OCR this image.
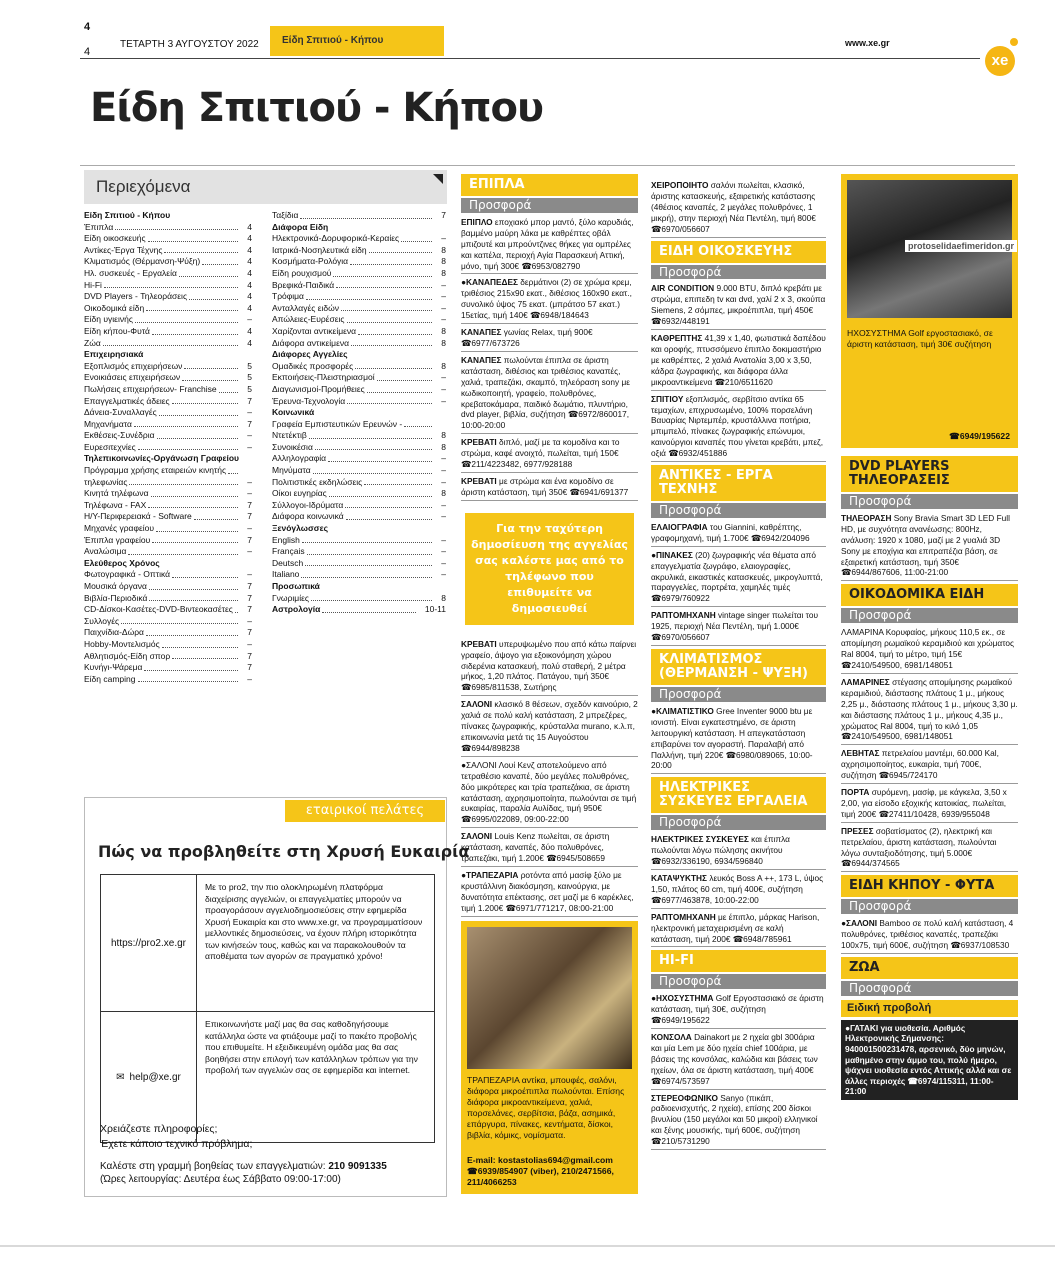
4
4
ΤΕΤΑΡΤΗ 3 ΑΥΓΟΥΣΤΟΥ 2022	Είδη Σπιτιού - Κήπου	www.xe.gr
xe
Είδη Σπιτιού - Κήπου
Περιεχόμενα
Είδη Σπιτιού - Κήπου
Έπιπλα	4
Είδη οικοσκευής	4
Αντίκες-Έργα Τέχνης	4
Κλιματισμός (Θέρμανση-Ψύξη)	4
Ηλ. συσκευές - Εργαλεία	4
Hi-Fi	4
DVD Players - Τηλεοράσεις	4
Οικοδομικά είδη	4
Είδη υγιεινής	–
Είδη κήπου-Φυτά	4
Ζώα	4
Επιχειρησιακά
Εξοπλισμός επιχειρήσεων	5
Ενοικιάσεις επιχειρήσεων	5
Πωλήσεις επιχειρήσεων- Franchise	5
Επαγγελματικές άδειες	7
Δάνεια-Συναλλαγές	–
Μηχανήματα	7
Εκθέσεις-Συνέδρια	–
Ευρεσιτεχνίες	–
Τηλεπικοινωνίες-Οργάνωση Γραφείου
Πρόγραμμα χρήσης εταιρειών κινητής
τηλεφωνίας	–
Κινητά τηλέφωνα	–
Τηλέφωνα - FAX	7
Η/Υ-Περιφερειακά - Software	7
Μηχανές γραφείου	–
Έπιπλα γραφείου	7
Αναλώσιμα	–
Ελεύθερος Χρόνος
Φωτογραφικά - Οπτικά	–
Μουσικά όργανα	7
Βιβλία-Περιοδικά	7
CD-Δίσκοι-Κασέτες-DVD-Βιντεοκασέτες	7
Συλλογές	–
Παιχνίδια-Δώρα	7
Hobby-Μοντελισμός	–
Αθλητισμός-Είδη σπορ	7
Κυνήγι-Ψάρεμα	7
Είδη camping	–
Ταξίδια	7
Διάφορα Είδη
Ηλεκτρονικά-Δορυφορικά-Κεραίες	–
Ιατρικά-Νοσηλευτικά είδη	8
Κοσμήματα-Ρολόγια	8
Είδη ρουχισμού	8
Βρεφικά-Παιδικά	–
Τρόφιμα	–
Ανταλλαγές ειδών	–
Απώλειες-Ευρέσεις	–
Χαρίζονται αντικείμενα	8
Διάφορα αντικείμενα	8
Διάφορες Αγγελίες
Ομαδικές προσφορές	8
Εκποιήσεις-Πλειστηριασμοί	–
Διαγωνισμοί-Προμήθειες	–
Έρευνα-Τεχνολογία	–
Κοινωνικά
Γραφεία Εμπιστευτικών Ερευνών -
Ντετέκτιβ	8
Συνοικέσια	8
Αλληλογραφία	–
Μηνύματα	–
Πολιτιστικές εκδηλώσεις	–
Οίκοι ευγηρίας	8
Σύλλογοι-Ιδρύματα	–
Διάφορα κοινωνικά	–
Ξενόγλωσσες
English	–
Français	–
Deutsch	–
Italiano	–
Προσωπικά
Γνωριμίες	8
Αστρολογία	10-11
εταιρικοί πελάτες
Πώς να προβληθείτε στη Χρυσή Ευκαιρία
https://pro2.xe.gr
Με το pro2, την πιο ολοκληρωμένη πλατφόρμα διαχείρισης αγγελιών, οι επαγγελματίες μπορούν να προαγοράσουν αγγελιοδημοσιεύσεις στην εφημερίδα Χρυσή Ευκαιρία και στο www.xe.gr, να προγραμματίσουν μελλοντικές δημοσιεύσεις, να έχουν πλήρη ιστορικότητα των κινήσεών τους, καθώς και να παρακολουθούν τα αποθέματα των αγορών σε πραγματικό χρόνο!
✉ help@xe.gr
Επικοινωνήστε μαζί μας θα σας καθοδηγήσουμε κατάλληλα ώστε να φτιάξουμε μαζί το πακέτο προβολής που επιθυμείτε. Η εξειδικευμένη ομάδα μας θα σας βοηθήσει στην επιλογή των κατάλληλων τρόπων για την προβολή των αγγελιών σας σε εφημερίδα και internet.
Χρειάζεστε πληροφορίες;
Έχετε κάποιο τεχνικό πρόβλημα;
Καλέστε στη γραμμή βοηθείας των επαγγελματιών: 210 9091335
(Ώρες λειτουργίας: Δευτέρα έως Σάββατο 09:00-17:00)
ΕΠΙΠΛΑ
Προσφορά

ΕΠΙΠΛΟ εποχιακό μπορ μαντό, ξύλο καρυδιάς, βαμμένο μαύρη λάκα με καθρέπτες οβάλ μπιζουτέ και μπρούντζινες θήκες για ομπρέλες και καπέλα, περιοχή Αγία Παρασκευή Αττική, μόνο, τιμή 300€ ☎6953/082790

●ΚΑΝΑΠΕΔΕΣ δερμάτινοι (2) σε χρώμα κρεμ, τριθέσιος 215x90 εκατ., διθέσιος 160x90 εκατ., συνολικό ύψος 75 εκατ. (μπράτσο 57 εκατ.) 15ετίας, τιμή 140€ ☎6948/184643

ΚΑΝΑΠΕΣ γωνίας Relax, τιμή 900€ ☎6977/673726

ΚΑΝΑΠΕΣ πωλούνται έπιπλα σε άριστη κατάσταση, διθέσιος και τριθέσιος καναπές, χαλιά, τραπεζάκι, σκαμπό, τηλεόραση sony με κωδικοποιητή, γραφείο, πολυθρόνες, κρεβατοκάμαρα, παιδικό δωμάτιο, πλυντήριο, dvd player, βιβλία, συζήτηση ☎6972/860017, 10:00-20:00

ΚΡΕΒΑΤΙ διπλό, μαζί με τα κομοδίνα και το στρώμα, καφέ ανοιχτό, πωλείται, τιμή 150€ ☎211/4223482, 6977/928188

ΚΡΕΒΑΤΙ με στρώμα και ένα κομοδίνο σε άριστη κατάσταση, τιμή 350€ ☎6941/691377

Για την ταχύτερη δημοσίευση της αγγελίας σας καλέστε μας από το τηλέφωνο που επιθυμείτε να δημοσιευθεί

ΚΡΕΒΑΤΙ υπερυψωμένο που από κάτω παίρνει γραφείο, άψογο για εξοικονόμηση χώρου σιδερένια κατασκευή, πολύ σταθερή, 2 μέτρα μήκος, 1,20 πλάτος. Πατάγου, τιμή 350€ ☎6985/811538, Σωτήρης

ΣΑΛΟΝΙ κλασικό 8 θέσεων, σχεδόν καινούριο, 2 χαλιά σε πολύ καλή κατάσταση, 2 μπρεζέρες, πίνακες ζωγραφικής, κρύσταλλα murano, κ.λ.π, επικοινωνία μετά τις 15 Αυγούστου ☎6944/898238

●ΣΑΛΟΝΙ Λουί Κενζ αποτελούμενο από τετραθέσιο καναπέ, δύο μεγάλες πολυθρόνες, δύο μικρότερες και τρία τραπεζάκια, σε άριστη κατάσταση, αχρησιμοποίητα, πωλούνται σε τιμή ευκαιρίας, παραλία Αυλίδας, τιμή 950€ ☎6995/022089, 09:00-22:00

ΣΑΛΟΝΙ Louis Kenz πωλείται, σε άριστη κατάσταση, καναπές, δύο πολυθρόνες, τραπεζάκι, τιμή 1.200€ ☎6945/508659

●ΤΡΑΠΕΖΑΡΙΑ ροτόντα από μασίφ ξύλο με κρυστάλλινη διακόσμηση, καινούργια, με δυνατότητα επέκτασης, σετ μαζί με 6 καρέκλες, τιμή 1.200€ ☎6971/771217, 08:00-21:00

ΤΡΑΠΕΖΑΡΙΑ αντίκα, μπουφές, σαλόνι, διάφορα μικροέπιπλα πωλούνται. Επίσης διάφορα μικροαντικείμενα, χαλιά, πορσελάνες, σερβίτσια, βάζα, ασημικά, επάργυρα, πίνακες, κεντήματα, δίσκοι, βιβλία, κόμικς, νομίσματα.
E-mail: kostastolias694@gmail.com ☎6939/854907 (viber), 210/2471566, 211/4066253

ΧΕΙΡΟΠΟΙΗΤΟ σαλόνι πωλείται, κλασικό, άριστης κατασκευής, εξαιρετικής κατάστασης (4θέσιος καναπές, 2 μεγάλες πολυθρόνες, 1 μικρή), στην περιοχή Νέα Πεντέλη, τιμή 800€ ☎6970/056607

ΕΙΔΗ ΟΙΚΟΣΚΕΥΗΣ
Προσφορά

AIR CONDITION 9.000 BTU, διπλό κρεβάτι με στρώμα, επιπεδη tv και dvd, χαλί 2 x 3, σκούπα Siemens, 2 σόμπες, μικροέπιπλα, τιμή 450€ ☎6932/448191

ΚΑΘΡΕΠΤΗΣ 41,39 x 1,40, φωτιστικά δαπέδου και οροφής, πτυσσόμενο έπιπλο δοκιμαστήριο με καθρέπτες, 2 χαλιά Ανατολία 3,00 x 3,50, κάδρα ζωγραφικής, και διάφορα άλλα μικροαντικείμενα ☎210/6511620

ΣΠΙΤΙΟΥ εξοπλισμός, σερβίτσιο αντίκα 65 τεμαχίων, επιχρυσωμένο, 100% πορσελάνη Βαυαρίας Νιρτεμπέρ, κρυστάλλινα ποτήρια, μπιμπελό, πίνακες ζωγραφικής επώνυμοι, καινούργιοι καναπές που γίνεται κρεβάτι, μπεζ, οξιά ☎6932/451886

ΑΝΤΙΚΕΣ - ΕΡΓΑ ΤΕΧΝΗΣ
Προσφορά

ΕΛΑΙΟΓΡΑΦΙΑ του Giannini, καθρέπτης, γραφομηχανή, τιμή 1.700€ ☎6942/204096

●ΠΙΝΑΚΕΣ (20) ζωγραφικής νέα θέματα από επαγγελματία ζωγράφο, ελαιογραφίες, ακρυλικά, εικαστικές κατασκευές, μικρογλυπτά, παραγγελίες, πορτρέτα, χαμηλές τιμές ☎6979/760922

ΡΑΠΤΟΜΗΧΑΝΗ vintage singer πωλείται του 1925, περιοχή Νέα Πεντέλη, τιμή 1.000€ ☎6970/056607

ΚΛΙΜΑΤΙΣΜΟΣ (ΘΕΡΜΑΝΣΗ - ΨΥΞΗ)
Προσφορά

●ΚΛΙΜΑΤΙΣΤΙΚΟ Gree Inventer 9000 btu με ιονιστή. Είναι εγκατεστημένο, σε άριστη λειτουργική κατάσταση. Η απεγκατάσταση επιβαρύνει τον αγοραστή. Παραλαβή από Παλλήνη, τιμή 220€ ☎6980/089065, 10:00-20:00

ΗΛΕΚΤΡΙΚΕΣ ΣΥΣΚΕΥΕΣ ΕΡΓΑΛΕΙΑ
Προσφορά

ΗΛΕΚΤΡΙΚΕΣ ΣΥΣΚΕΥΕΣ και έπιπλα πωλούνται λόγω πώλησης ακινήτου ☎6932/336190, 6934/596840

ΚΑΤΑΨΥΚΤΗΣ λευκός Boss A ++, 173 L, ύψος 1,50, πλάτος 60 cm, τιμή 400€, συζήτηση ☎6977/463878, 10:00-22:00

ΡΑΠΤΟΜΗΧΑΝΗ με έπιπλο, μάρκας Harison, ηλεκτρονική μεταχειρισμένη σε καλή κατάσταση, τιμή 200€ ☎6948/785961

HI-FI
Προσφορά

●ΗΧΟΣΥΣΤΗΜΑ Golf Εργοστασιακό σε άριστη κατάσταση, τιμή 30€, συζήτηση ☎6949/195622

ΚΟΝΣΟΛΑ Dainakort με 2 ηχεία gbl 300άρια και μία Lem με δύο ηχεία chief 100άρια, με βάσεις της κονσόλας, καλώδια και βάσεις των ηχείων, όλα σε άριστη κατάσταση, τιμή 400€ ☎6974/573597

ΣΤΕΡΕΟΦΩΝΙΚΟ Sanyo (πικάπ, ραδιοενισχυτής, 2 ηχεία), επίσης 200 δίσκοι βινυλίου (150 μεγάλοι και 50 μικροί) ελληνικοί και ξένης μουσικής, τιμή 600€, συζήτηση ☎210/5731290

ΗΧΟΣΥΣΤΗΜΑ Golf εργοστασιακό, σε άριστη κατάσταση, τιμή 30€ συζήτηση
☎6949/195622
DVD PLAYERS ΤΗΛΕΟΡΑΣΕΙΣ
Προσφορά

ΤΗΛΕΟΡΑΣΗ Sony Bravia Smart 3D LED Full HD, με συχνότητα ανανέωσης: 800Hz, ανάλυση: 1920 x 1080, μαζί με 2 γυαλιά 3D Sony με εποχίγια και επιτραπέζια βάση, σε εξαιρετική κατάσταση, τιμή 350€ ☎6944/867606, 11:00-21:00

ΟΙΚΟΔΟΜΙΚΑ ΕΙΔΗ
Προσφορά

ΛΑΜΑΡΙΝΑ Κορυφαίος, μήκους 110,5 εκ., σε απομίμηση ρωμαϊκού κεραμιδιού και χρώματος Ral 8004, τιμή το μέτρο, τιμή 15€ ☎2410/549500, 6981/148051

ΛΑΜΑΡΙΝΕΣ στέγασης απομίμησης ρωμαϊκού κεραμιδιού, διάστασης πλάτους 1 μ., μήκους 2,25 μ., διάστασης πλάτους 1 μ., μήκους 3,30 μ. και διάστασης πλάτους 1 μ., μήκους 4,35 μ., χρώματος Ral 8004, τιμή το κιλό 1,05 ☎2410/549500, 6981/148051

ΛΕΒΗΤΑΣ πετρελαίου μαντέμι, 60.000 Kal, αχρησιμοποίητος, ευκαιρία, τιμή 700€, συζήτηση ☎6945/724170

ΠΟΡΤΑ συρόμενη, μασίφ, με κάγκελα, 3,50 x 2,00, για είσοδο εξοχικής κατοικίας, πωλείται, τιμή 200€ ☎27411/10428, 6939/955048

ΠΡΕΣΕΣ σοβατίσματος (2), ηλεκτρική και πετρελαίου, άριστη κατάσταση, πωλούνται λόγω συνταξιοδότησης, τιμή 5.000€ ☎6944/374565

ΕΙΔΗ ΚΗΠΟΥ - ΦΥΤΑ
Προσφορά

●ΣΑΛΟΝΙ Bamboo σε πολύ καλή κατάσταση, 4 πολυθρόνες, τριθέσιος καναπές, τραπεζάκι 100x75, τιμή 600€, συζήτηση ☎6937/108530

ΖΩΑ
Προσφορά
Ειδική προβολή
●ΓΑΤΑΚΙ για υιοθεσία. Αριθμός Ηλεκτρονικής Σήμανσης: 940001500231478, αρσενικό, δύο μηνών, μαθημένο στην άμμο του, πολύ ήμερο, ψάχνει υιοθεσία εντός Αττικής αλλά και σε άλλες περιοχές ☎6974/115311, 11:00-21:00
protoselidaefimeridon.gr
